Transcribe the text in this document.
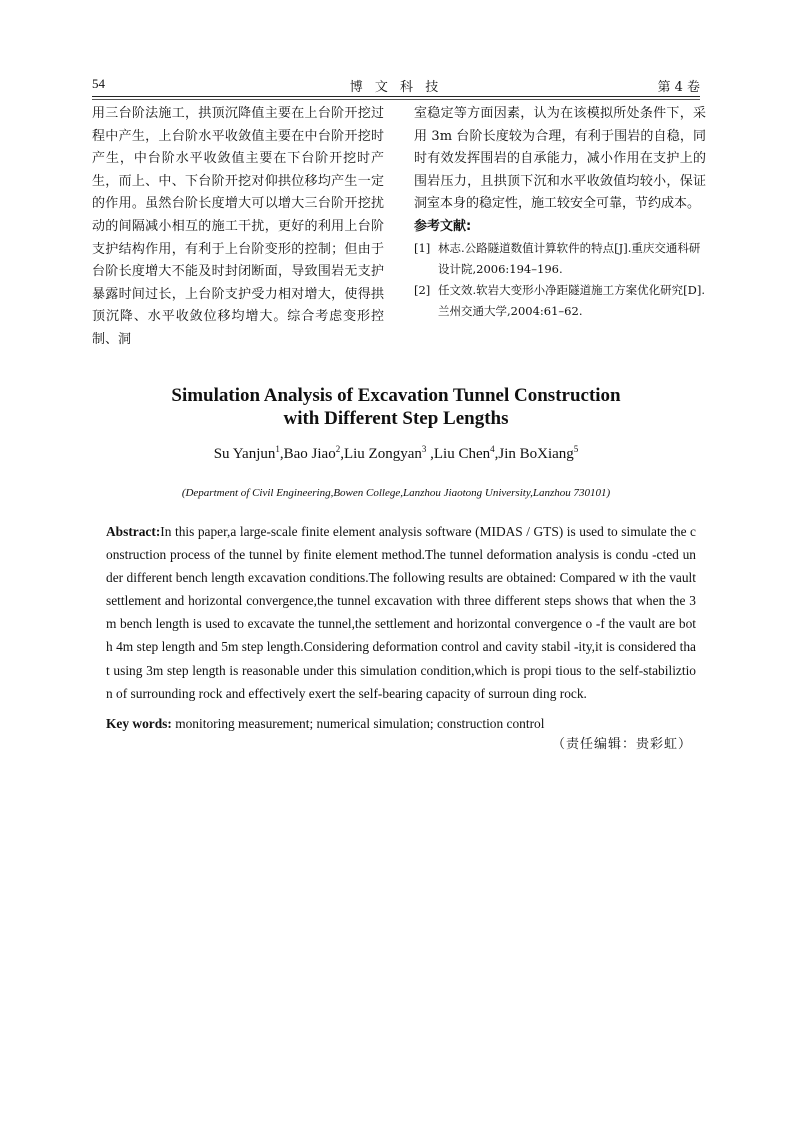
54	博 文 科 技	第 4 卷
用三台阶法施工，拱顶沉降值主要在上台阶开挖过程中产生，上台阶水平收敛值主要在中台阶开挖时产生，中台阶水平收敛值主要在下台阶开挖时产生，而上、中、下台阶开挖对仰拱位移均产生一定的作用。虽然台阶长度增大可以增大三台阶开挖扰动的间隔减小相互的施工干扰，更好的利用上台阶支护结构作用，有利于上台阶变形的控制；但由于台阶长度增大不能及时封闭断面，导致围岩无支护暴露时间过长，上台阶支护受力相对增大，使得拱顶沉降、水平收敛位移均增大。综合考虑变形控制、洞
室稳定等方面因素，认为在该模拟所处条件下，采用 3m 台阶长度较为合理，有利于围岩的自稳，同时有效发挥围岩的自承能力，减小作用在支护上的围岩压力，且拱顶下沉和水平收敛值均较小，保证洞室本身的稳定性，施工较安全可靠，节约成本。
参考文献:
[1] 林志.公路隧道数值计算软件的特点[J].重庆交通科研设计院,2006:194–196.
[2] 任文效.软岩大变形小净距隧道施工方案优化研究[D].兰州交通大学,2004:61–62.
Simulation Analysis of Excavation Tunnel Construction
with Different Step Lengths
Su Yanjun$^1$,Bao Jiao$^2$,Liu Zongyan$^3$ ,Liu Chen$^4$,Jin BoXiang$^5$
(Department of Civil Engineering,Bowen College,Lanzhou Jiaotong University,Lanzhou 730101)
Abstract:In this paper,a large-scale finite element analysis software (MIDAS / GTS) is used to simulate the construction process of the tunnel by finite element method.The tunnel deformation analysis is condu -cted under different bench length excavation conditions.The following results are obtained: Compared w ith the vault settlement and horizontal convergence,the tunnel excavation with three different steps shows that when the 3m bench length is used to excavate the tunnel,the settlement and horizontal convergence o -f the vault are both 4m step length and 5m step length.Considering deformation control and cavity stabil -ity,it is considered that using 3m step length is reasonable under this simulation condition,which is propi tious to the self-stabiliztion of surrounding rock and effectively exert the self-bearing capacity of surroun ding rock.
Key words: monitoring measurement; numerical simulation; construction control
（责任编辑：贵彩虹）
